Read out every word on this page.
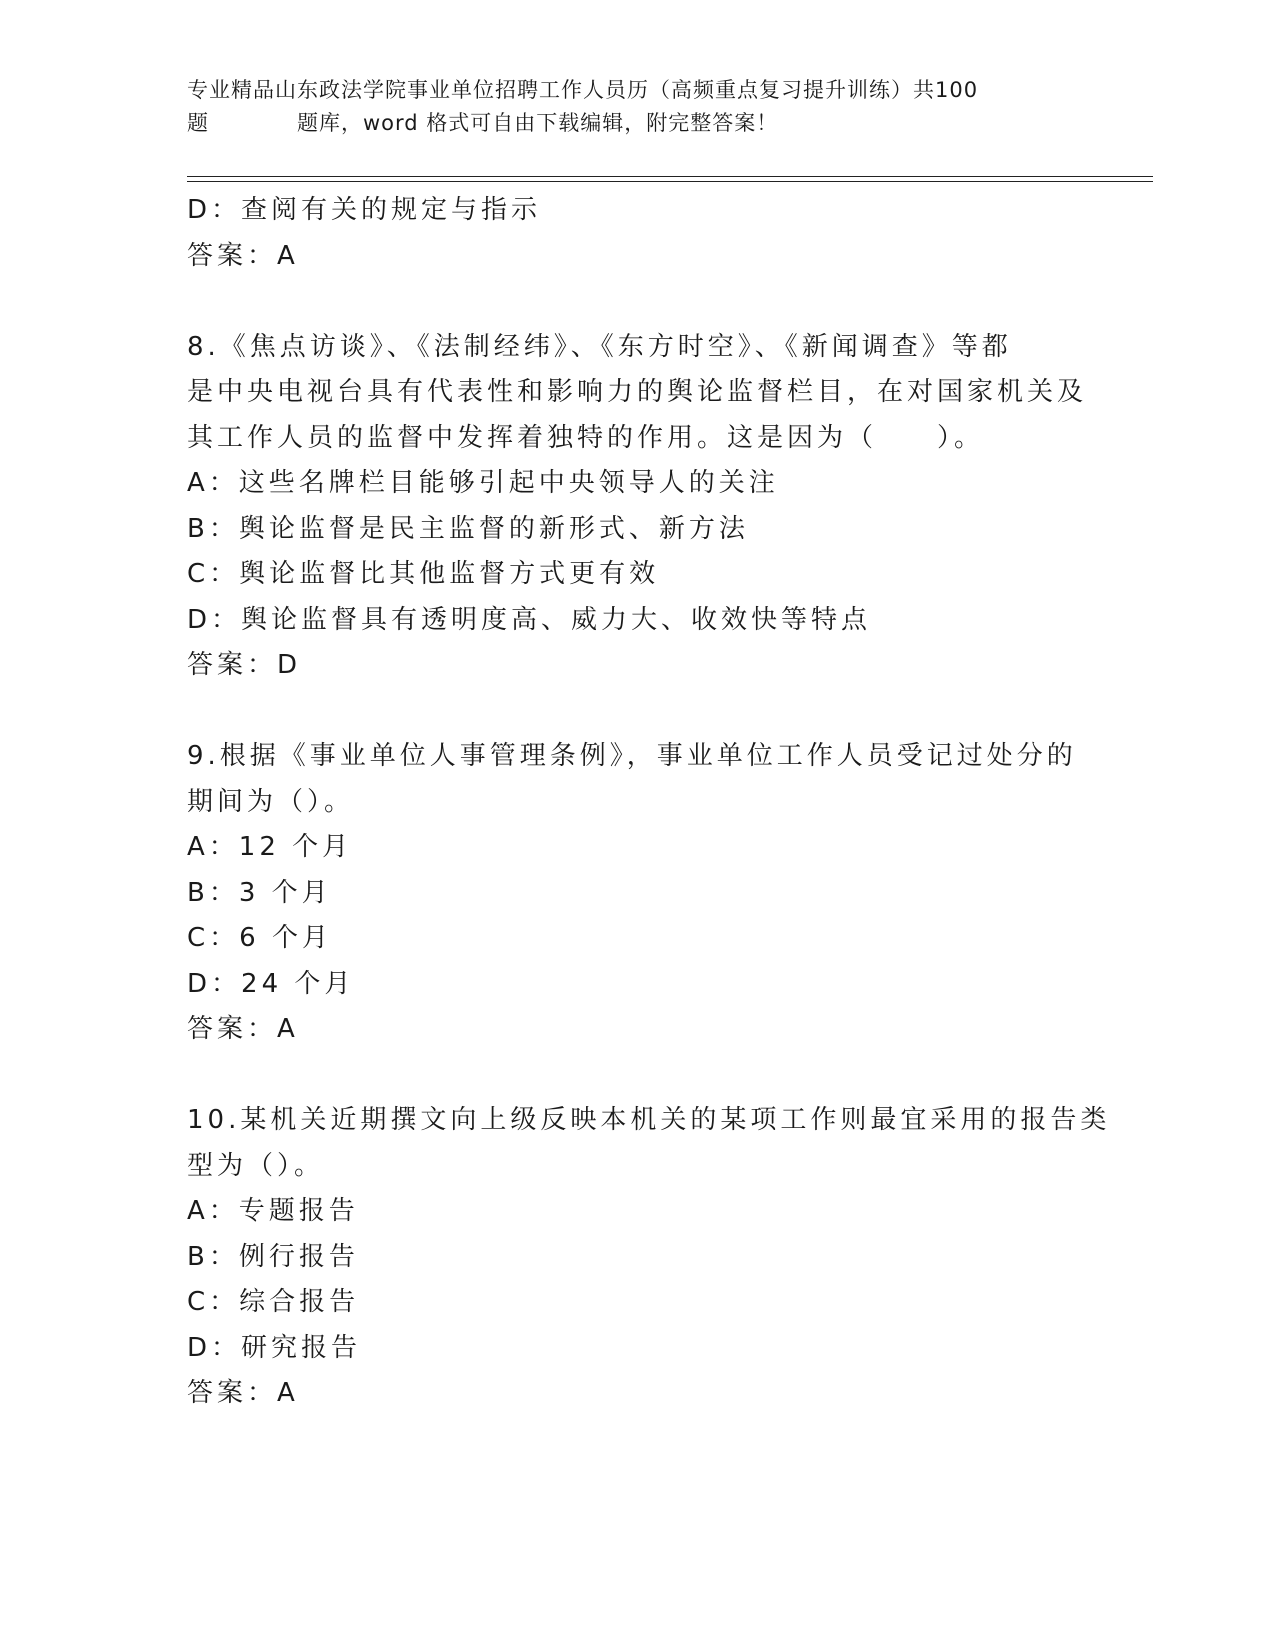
专业精品山东政法学院事业单位招聘工作人员历（高频重点复习提升训练）共100
题	题库，word 格式可自由下载编辑，附完整答案！
D：查阅有关的规定与指示
答案：A
8.《焦点访谈》、《法制经纬》、《东方时空》、《新闻调查》等都
是中央电视台具有代表性和影响力的舆论监督栏目，在对国家机关及
其工作人员的监督中发挥着独特的作用。这是因为（　　）。
A：这些名牌栏目能够引起中央领导人的关注
B：舆论监督是民主监督的新形式、新方法
C：舆论监督比其他监督方式更有效
D：舆论监督具有透明度高、威力大、收效快等特点
答案：D
9.根据《事业单位人事管理条例》，事业单位工作人员受记过处分的
期间为（）。
A：12 个月
B：3 个月
C：6 个月
D：24 个月
答案：A
10.某机关近期撰文向上级反映本机关的某项工作则最宜采用的报告类
型为（）。
A：专题报告
B：例行报告
C：综合报告
D：研究报告
答案：A
